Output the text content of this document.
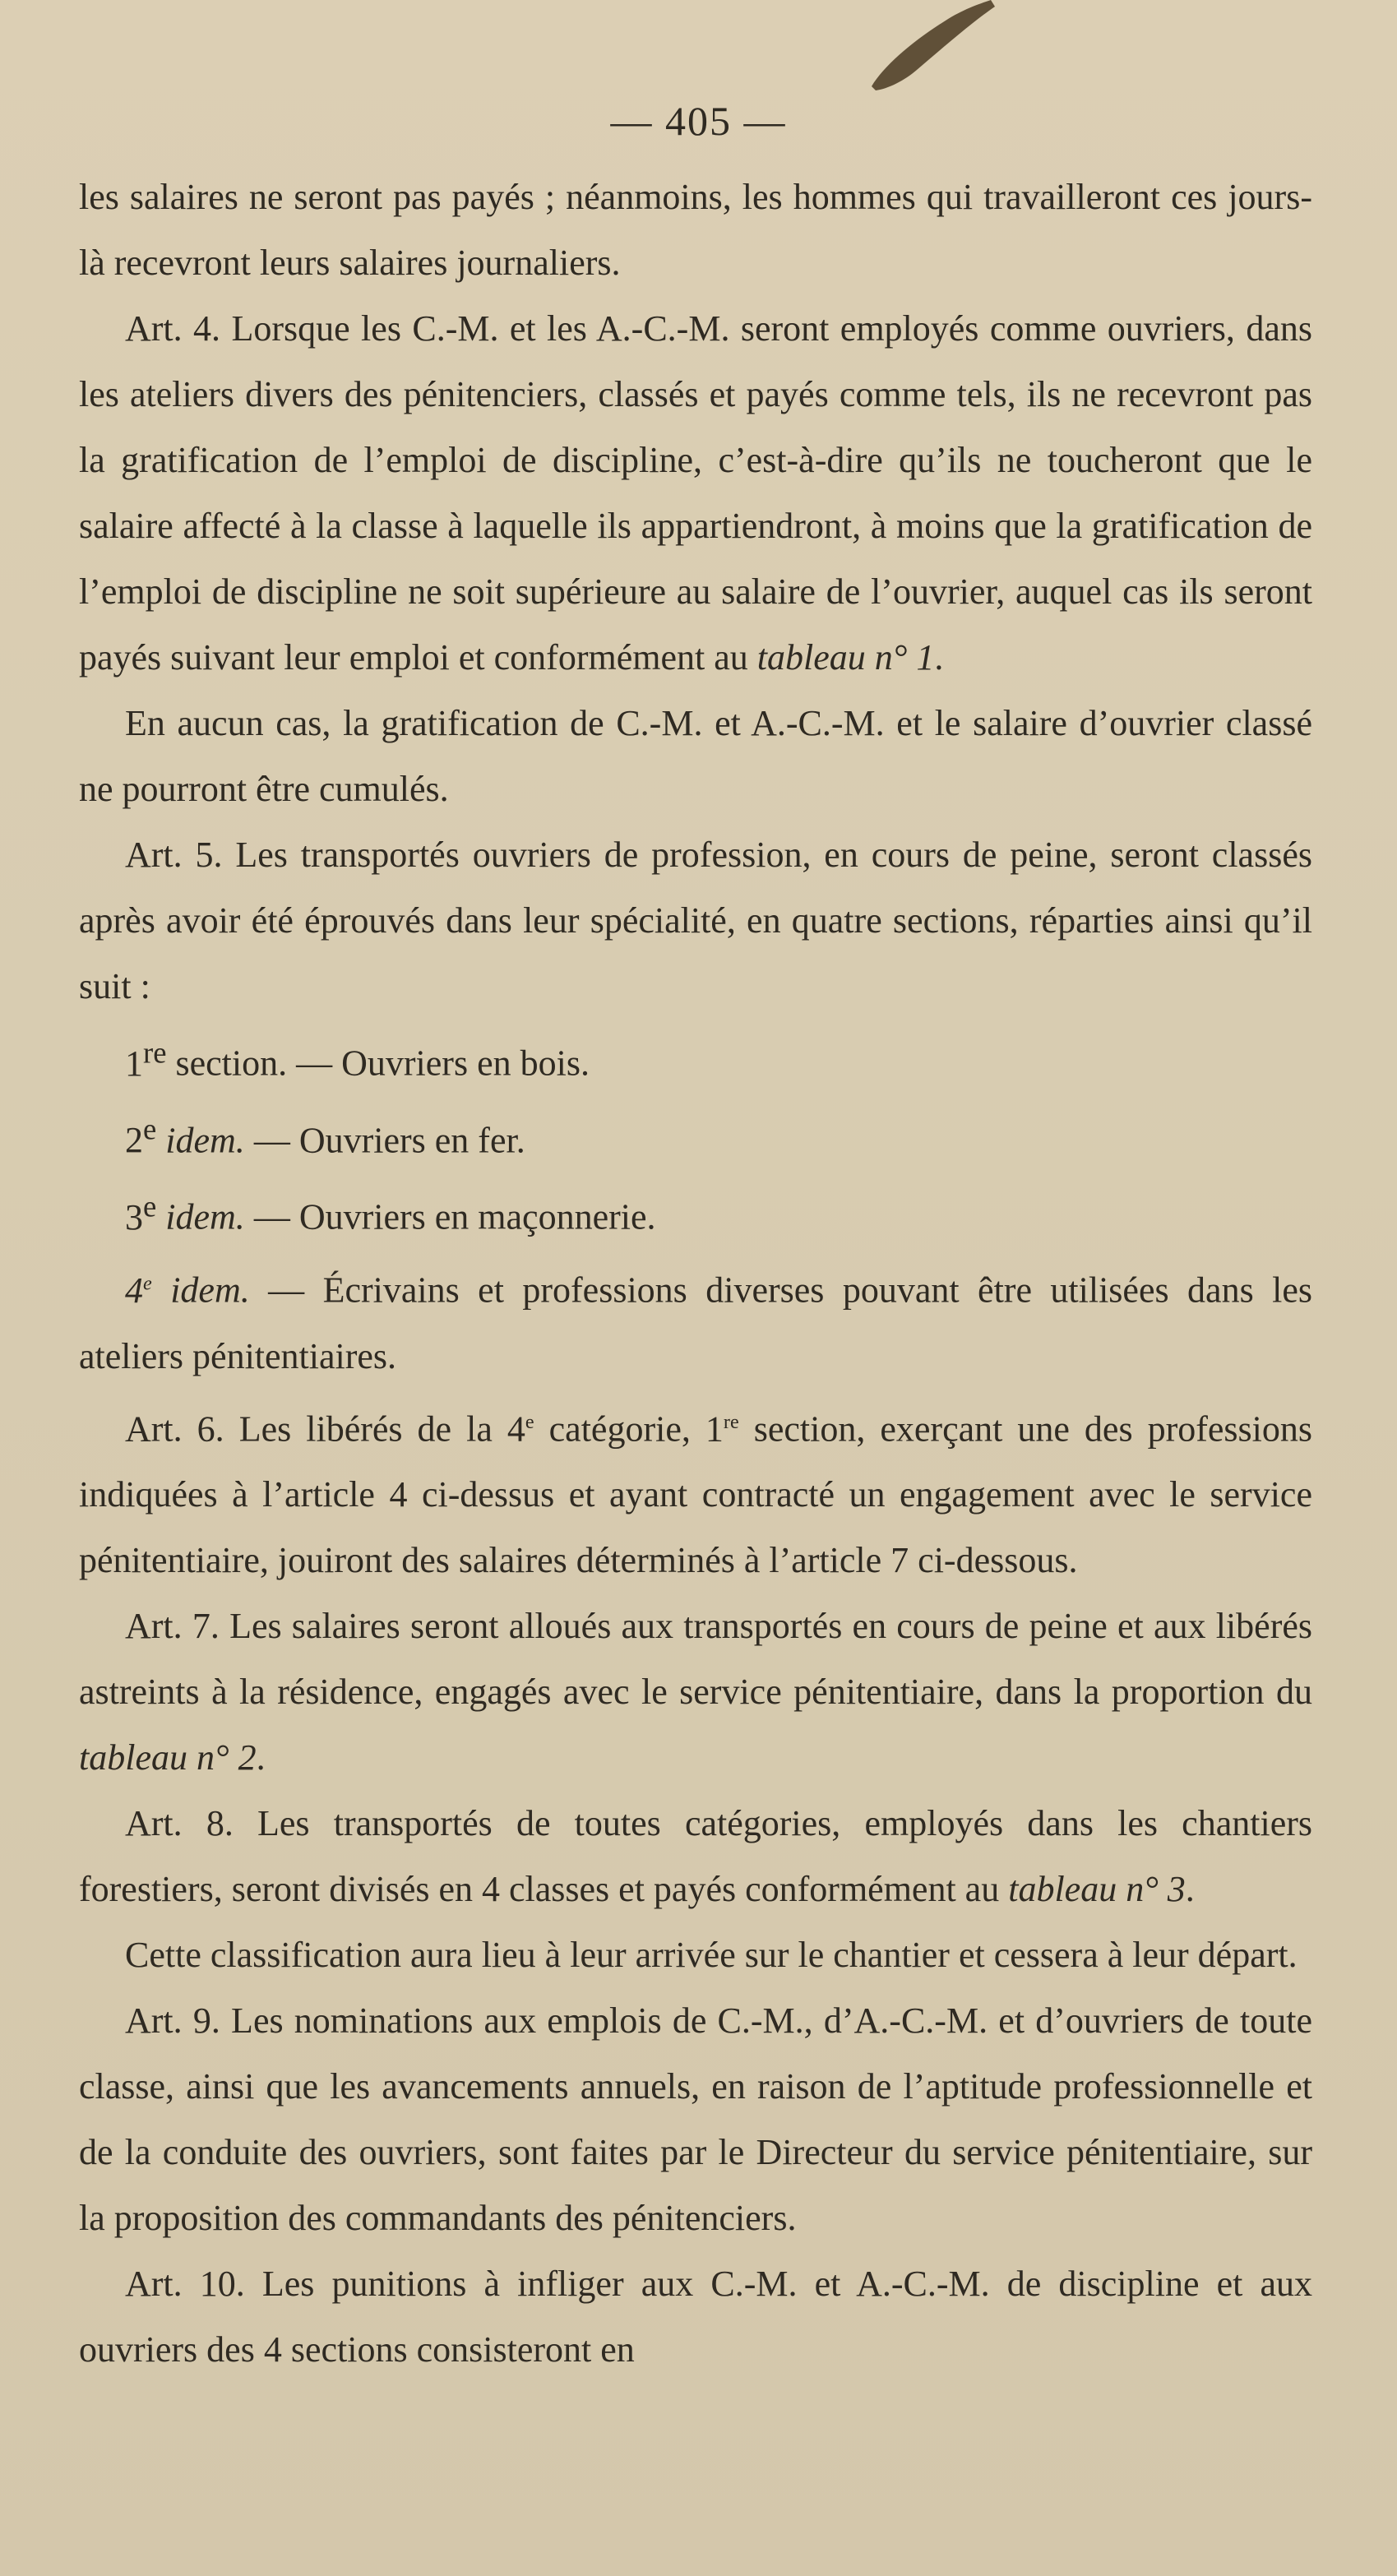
— 405 —

les salaires ne seront pas payés ; néanmoins, les hommes qui travailleront ces jours-là recevront leurs salaires journaliers.

Art. 4. Lorsque les C.-M. et les A.-C.-M. seront employés comme ouvriers, dans les ateliers divers des pénitenciers, classés et payés comme tels, ils ne recevront pas la gratification de l’emploi de discipline, c’est-à-dire qu’ils ne toucheront que le salaire affecté à la classe à laquelle ils appartiendront, à moins que la gratification de l’emploi de discipline ne soit supérieure au salaire de l’ouvrier, auquel cas ils seront payés suivant leur emploi et conformément au tableau n° 1.

En aucun cas, la gratification de C.-M. et A.-C.-M. et le salaire d’ouvrier classé ne pourront être cumulés.

Art. 5. Les transportés ouvriers de profession, en cours de peine, seront classés après avoir été éprouvés dans leur spécialité, en quatre sections, réparties ainsi qu’il suit :

1re section. — Ouvriers en bois.

2e idem. — Ouvriers en fer.

3e idem. — Ouvriers en maçonnerie.

4e idem. — Écrivains et professions diverses pouvant être utilisées dans les ateliers pénitentiaires.

Art. 6. Les libérés de la 4e catégorie, 1re section, exerçant une des professions indiquées à l’article 4 ci-dessus et ayant contracté un engagement avec le service pénitentiaire, jouiront des salaires déterminés à l’article 7 ci-dessous.

Art. 7. Les salaires seront alloués aux transportés en cours de peine et aux libérés astreints à la résidence, engagés avec le service pénitentiaire, dans la proportion du tableau n° 2.

Art. 8. Les transportés de toutes catégories, employés dans les chantiers forestiers, seront divisés en 4 classes et payés conformément au tableau n° 3.

Cette classification aura lieu à leur arrivée sur le chantier et cessera à leur départ.

Art. 9. Les nominations aux emplois de C.-M., d’A.-C.-M. et d’ouvriers de toute classe, ainsi que les avancements annuels, en raison de l’aptitude professionnelle et de la conduite des ouvriers, sont faites par le Directeur du service pénitentiaire, sur la proposition des commandants des pénitenciers.

Art. 10. Les punitions à infliger aux C.-M. et A.-C.-M. de discipline et aux ouvriers des 4 sections consisteront en
